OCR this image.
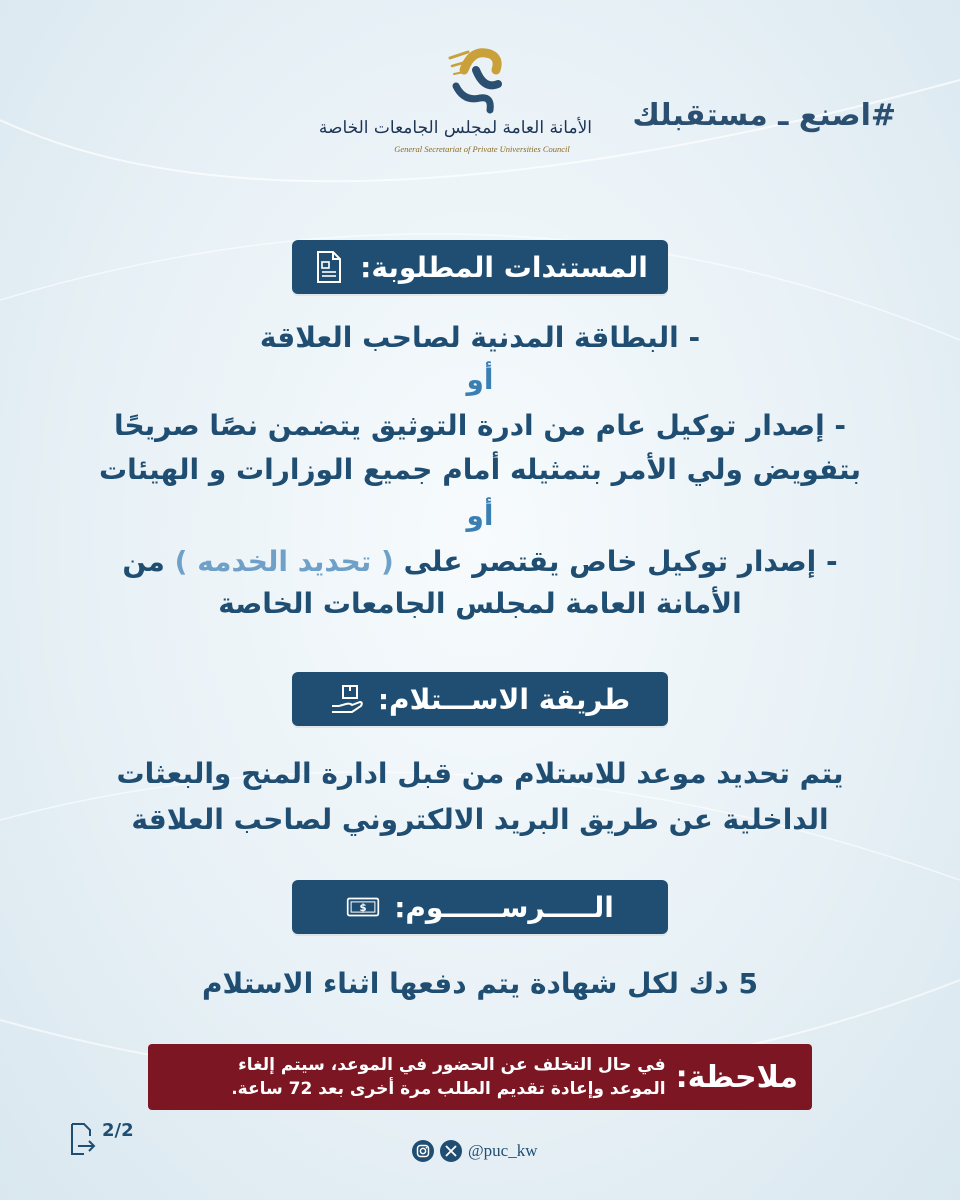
#اصنع ـ مستقبلك
الأمانة العامة لمجلس الجامعات الخاصة
General Secretariat of Private Universities Council
المستندات المطلوبة:
- البطاقة المدنية لصاحب العلاقة
أو
- إصدار توكيل عام من ادرة التوثيق يتضمن نصًا صريحًا
بتفويض ولي الأمر بتمثيله أمام جميع الوزارات و الهيئات
أو
- إصدار توكيل خاص يقتصر على ( تحديد الخدمه ) من
الأمانة العامة لمجلس الجامعات الخاصة
طريقة الاســـتلام:
يتم تحديد موعد للاستلام من قبل ادارة المنح والبعثات
الداخلية عن طريق البريد الالكتروني لصاحب العلاقة
$ الـــــرســــــوم:
5 دك لكل شهادة يتم دفعها اثناء الاستلام
ملاحظة:
في حال التخلف عن الحضور في الموعد، سيتم إلغاء
الموعد وإعادة تقديم الطلب مرة أخرى بعد 72 ساعة.
2/2
@puc_kw
